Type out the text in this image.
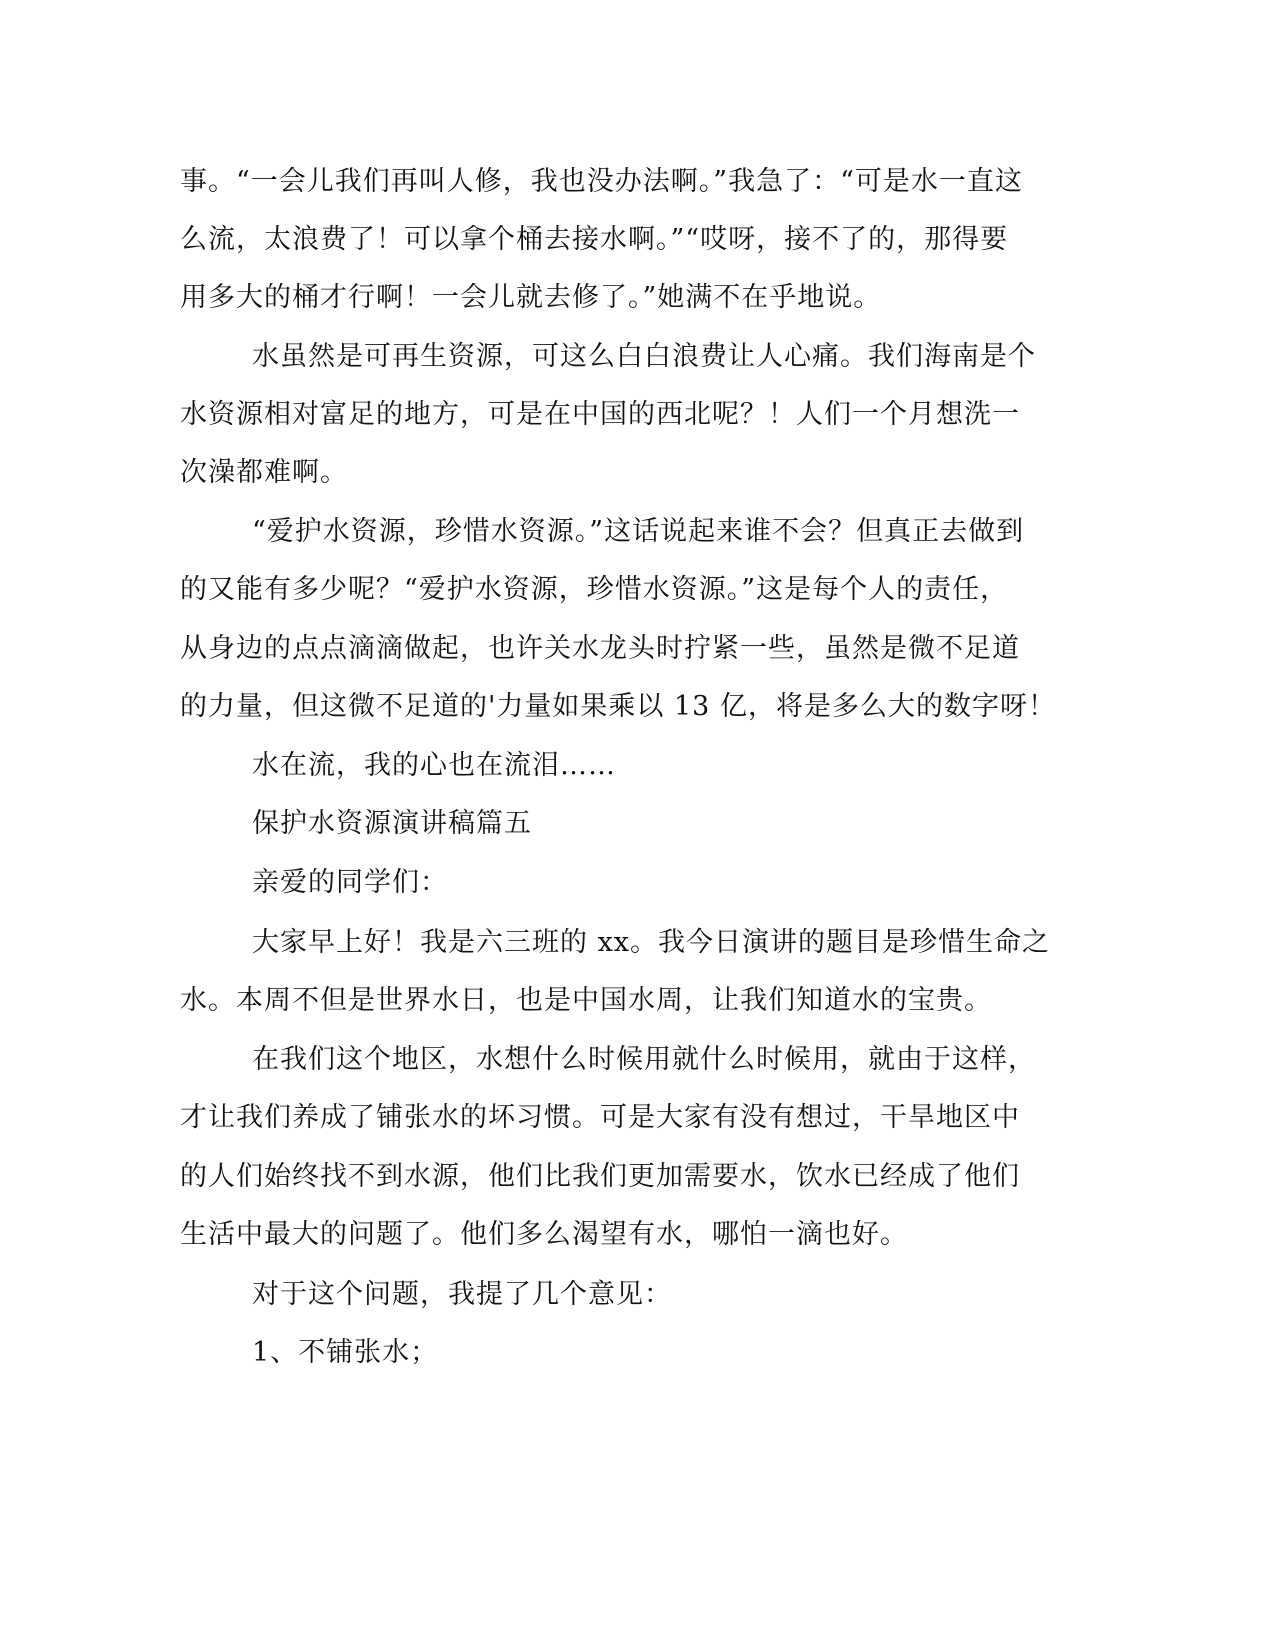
事。“一会儿我们再叫人修，我也没办法啊。”我急了：“可是水一直这
么流，太浪费了！可以拿个桶去接水啊。”“哎呀，接不了的，那得要
用多大的桶才行啊！一会儿就去修了。”她满不在乎地说。
水虽然是可再生资源，可这么白白浪费让人心痛。我们海南是个
水资源相对富足的地方，可是在中国的西北呢？！人们一个月想洗一
次澡都难啊。
“爱护水资源，珍惜水资源。”这话说起来谁不会？但真正去做到
的又能有多少呢？“爱护水资源，珍惜水资源。”这是每个人的责任，
从身边的点点滴滴做起，也许关水龙头时拧紧一些，虽然是微不足道
的力量，但这微不足道的'力量如果乘以 13 亿，将是多么大的数字呀！
水在流，我的心也在流泪……
保护水资源演讲稿篇五
亲爱的同学们：
大家早上好！我是六三班的 xx。我今日演讲的题目是珍惜生命之
水。本周不但是世界水日，也是中国水周，让我们知道水的宝贵。
在我们这个地区，水想什么时候用就什么时候用，就由于这样，
才让我们养成了铺张水的坏习惯。可是大家有没有想过，干旱地区中
的人们始终找不到水源，他们比我们更加需要水，饮水已经成了他们
生活中最大的问题了。他们多么渴望有水，哪怕一滴也好。
对于这个问题，我提了几个意见：
1、不铺张水；
